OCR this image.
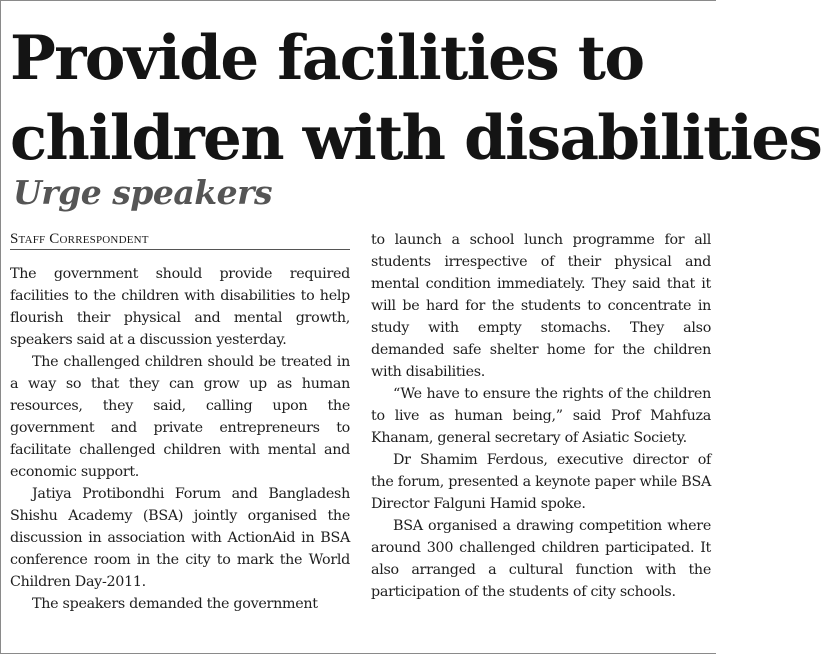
Provide facilities to
children with disabilities
Urge speakers
Staff Correspondent

The government should provide required facilities to the children with disabilities to help flourish their physical and mental growth, speakers said at a discussion yesterday.

The challenged children should be treated in a way so that they can grow up as human resources, they said, calling upon the government and private entrepreneurs to facilitate challenged children with mental and economic support.

Jatiya Protibondhi Forum and Bangladesh Shishu Academy (BSA) jointly organised the discussion in association with ActionAid in BSA conference room in the city to mark the World Children Day-2011.

The speakers demanded the government

to launch a school lunch programme for all students irrespective of their physical and mental condition immediately. They said that it will be hard for the students to concentrate in study with empty stomachs. They also demanded safe shelter home for the children with disabilities.

“We have to ensure the rights of the children to live as human being,” said Prof Mahfuza Khanam, general secretary of Asiatic Society.

Dr Shamim Ferdous, executive director of the forum, presented a keynote paper while BSA Director Falguni Hamid spoke.

BSA organised a drawing competition where around 300 challenged children participated. It also arranged a cultural function with the participation of the students of city schools.
